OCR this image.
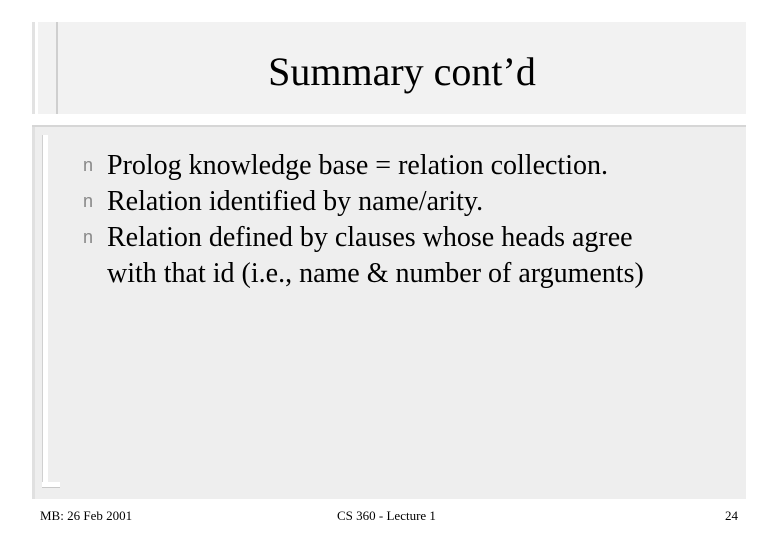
Summary cont’d
n Prolog knowledge base = relation collection.
n Relation identified by name/arity.
n Relation defined by clauses whose heads agree
with that id (i.e., name & number of arguments)
MB: 26 Feb 2001	CS 360 - Lecture 1	24
